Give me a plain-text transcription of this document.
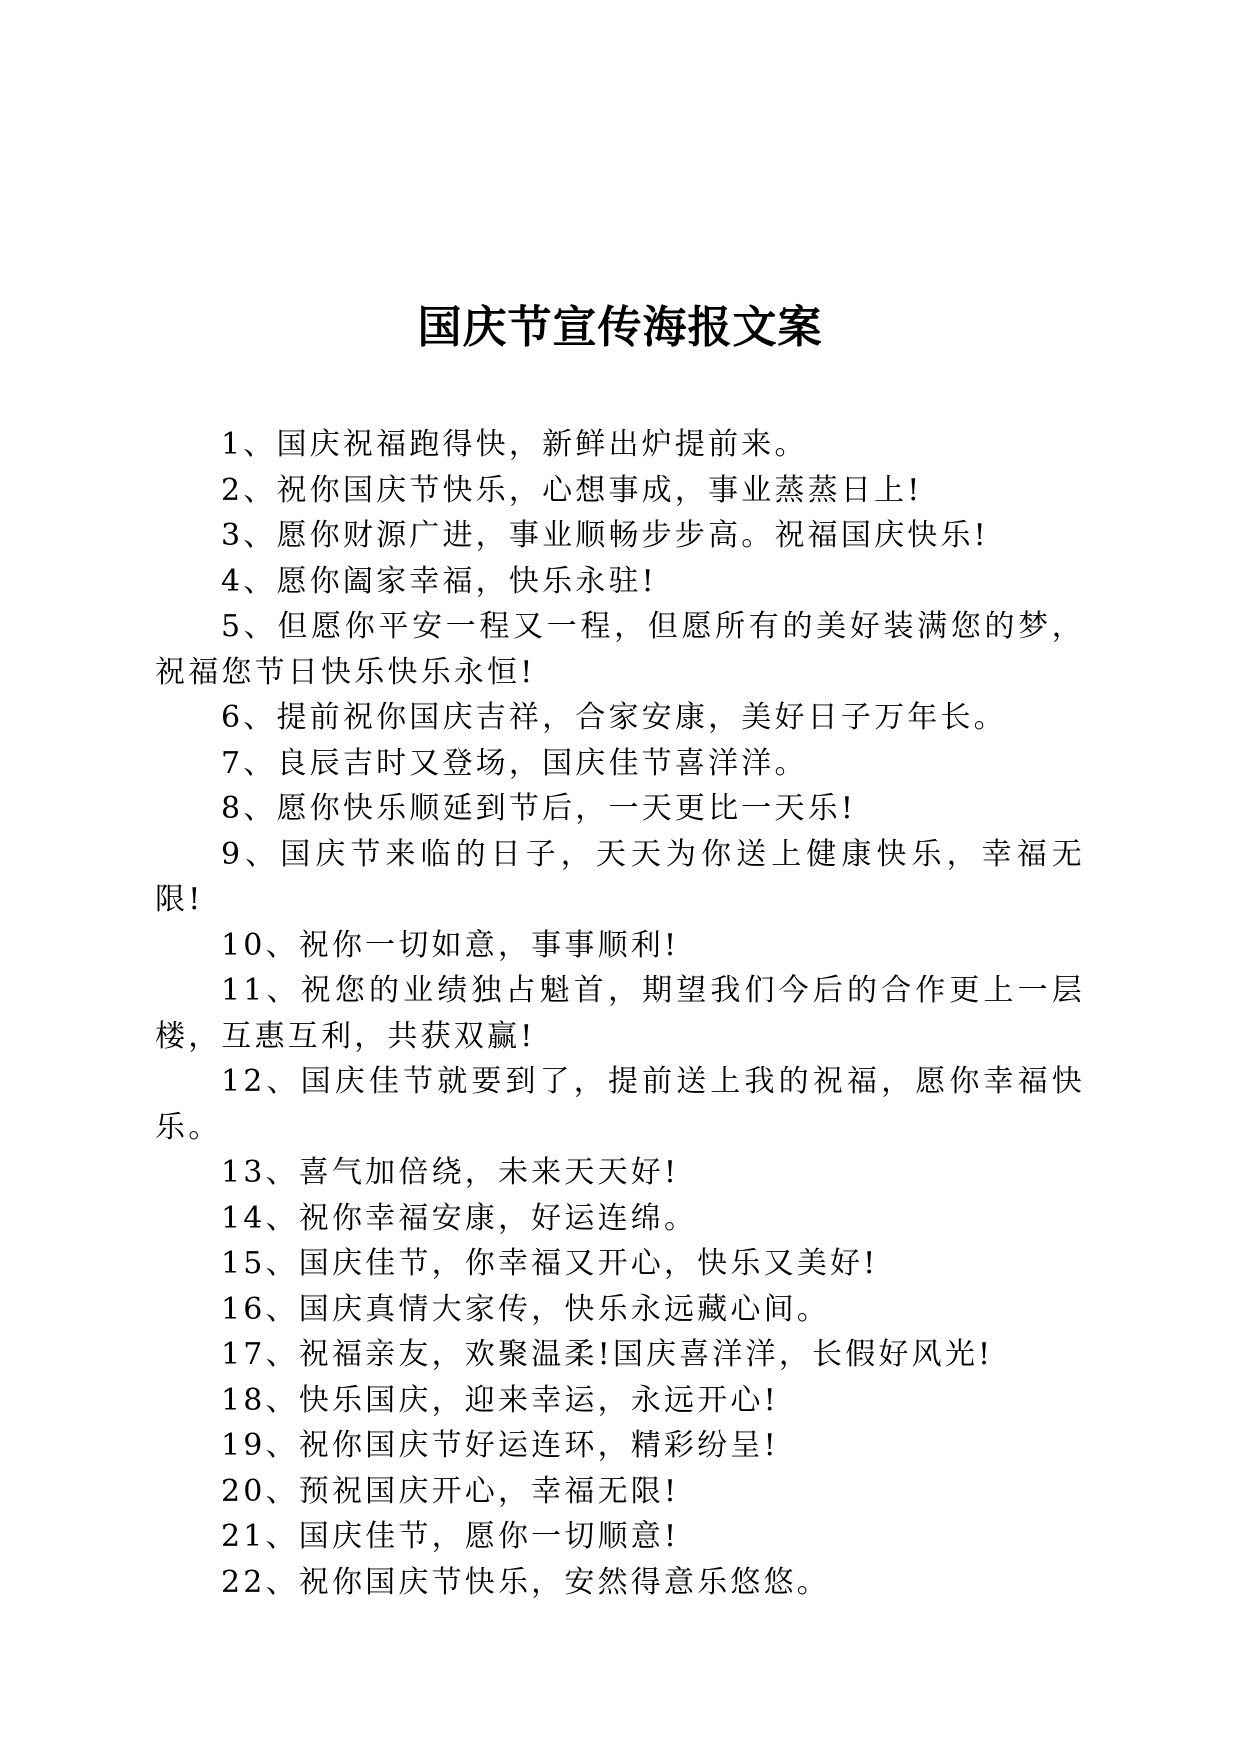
国庆节宣传海报文案
1、国庆祝福跑得快，新鲜出炉提前来。
2、祝你国庆节快乐，心想事成，事业蒸蒸日上!
3、愿你财源广进，事业顺畅步步高。祝福国庆快乐!
4、愿你阖家幸福，快乐永驻!
5、但愿你平安一程又一程，但愿所有的美好装满您的梦，祝福您节日快乐快乐永恒!
6、提前祝你国庆吉祥，合家安康，美好日子万年长。
7、良辰吉时又登场，国庆佳节喜洋洋。
8、愿你快乐顺延到节后，一天更比一天乐!
9、国庆节来临的日子，天天为你送上健康快乐，幸福无限!
10、祝你一切如意，事事顺利!
11、祝您的业绩独占魁首，期望我们今后的合作更上一层楼，互惠互利，共获双赢!
12、国庆佳节就要到了，提前送上我的祝福，愿你幸福快乐。
13、喜气加倍绕，未来天天好!
14、祝你幸福安康，好运连绵。
15、国庆佳节，你幸福又开心，快乐又美好!
16、国庆真情大家传，快乐永远藏心间。
17、祝福亲友，欢聚温柔!国庆喜洋洋，长假好风光!
18、快乐国庆，迎来幸运，永远开心!
19、祝你国庆节好运连环，精彩纷呈!
20、预祝国庆开心，幸福无限!
21、国庆佳节，愿你一切顺意!
22、祝你国庆节快乐，安然得意乐悠悠。
